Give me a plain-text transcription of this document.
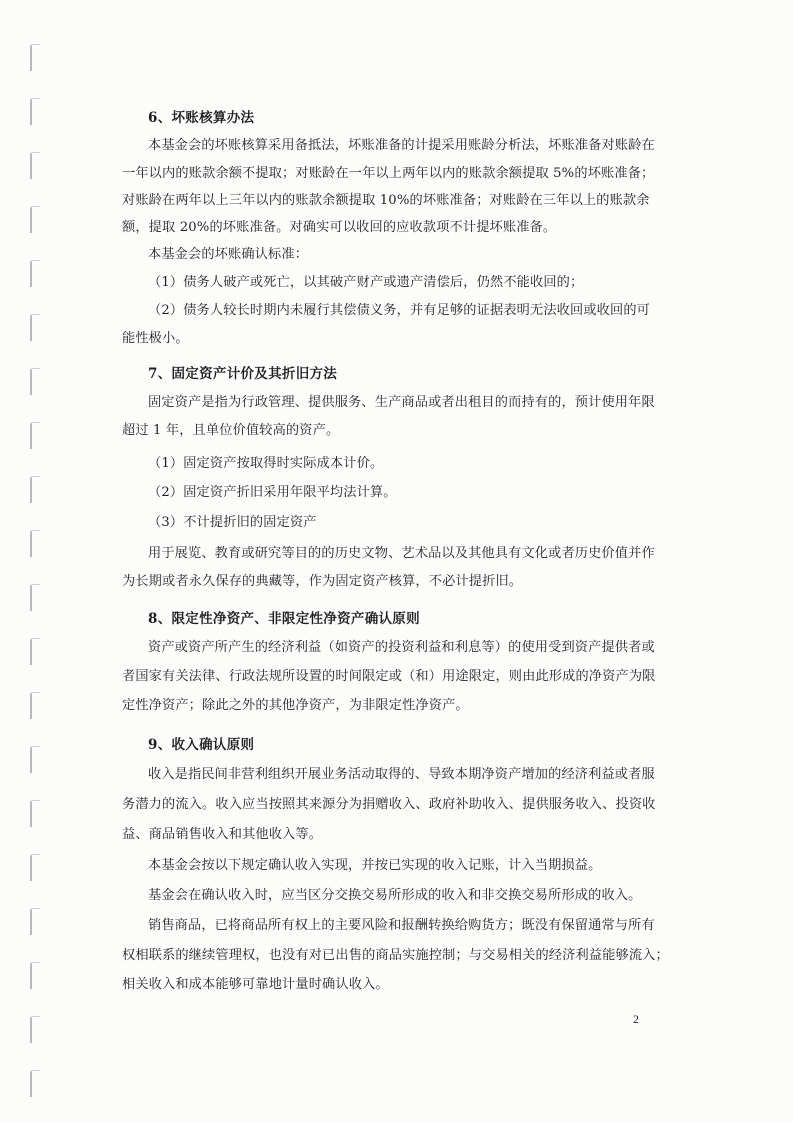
6、坏账核算办法
本基金会的坏账核算采用备抵法，坏账准备的计提采用账龄分析法，坏账准备对账龄在
一年以内的账款余额不提取；对账龄在一年以上两年以内的账款余额提取 5%的坏账准备；
对账龄在两年以上三年以内的账款余额提取 10%的坏账准备；对账龄在三年以上的账款余
额，提取 20%的坏账准备。对确实可以收回的应收款项不计提坏账准备。
本基金会的坏账确认标准：
（1）债务人破产或死亡，以其破产财产或遗产清偿后，仍然不能收回的；
（2）债务人较长时期内未履行其偿债义务，并有足够的证据表明无法收回或收回的可
能性极小。
7、固定资产计价及其折旧方法
固定资产是指为行政管理、提供服务、生产商品或者出租目的而持有的，预计使用年限
超过 1 年，且单位价值较高的资产。
（1）固定资产按取得时实际成本计价。
（2）固定资产折旧采用年限平均法计算。
（3）不计提折旧的固定资产
用于展览、教育或研究等目的的历史文物、艺术品以及其他具有文化或者历史价值并作
为长期或者永久保存的典藏等，作为固定资产核算，不必计提折旧。
8、限定性净资产、非限定性净资产确认原则
资产或资产所产生的经济利益（如资产的投资利益和利息等）的使用受到资产提供者或
者国家有关法律、行政法规所设置的时间限定或（和）用途限定，则由此形成的净资产为限
定性净资产；除此之外的其他净资产，为非限定性净资产。
9、收入确认原则
收入是指民间非营利组织开展业务活动取得的、导致本期净资产增加的经济利益或者服
务潜力的流入。收入应当按照其来源分为捐赠收入、政府补助收入、提供服务收入、投资收
益、商品销售收入和其他收入等。
本基金会按以下规定确认收入实现，并按已实现的收入记账，计入当期损益。
基金会在确认收入时，应当区分交换交易所形成的收入和非交换交易所形成的收入。
销售商品，已将商品所有权上的主要风险和报酬转换给购货方；既没有保留通常与所有
权相联系的继续管理权，也没有对已出售的商品实施控制；与交易相关的经济利益能够流入；
相关收入和成本能够可靠地计量时确认收入。
2
